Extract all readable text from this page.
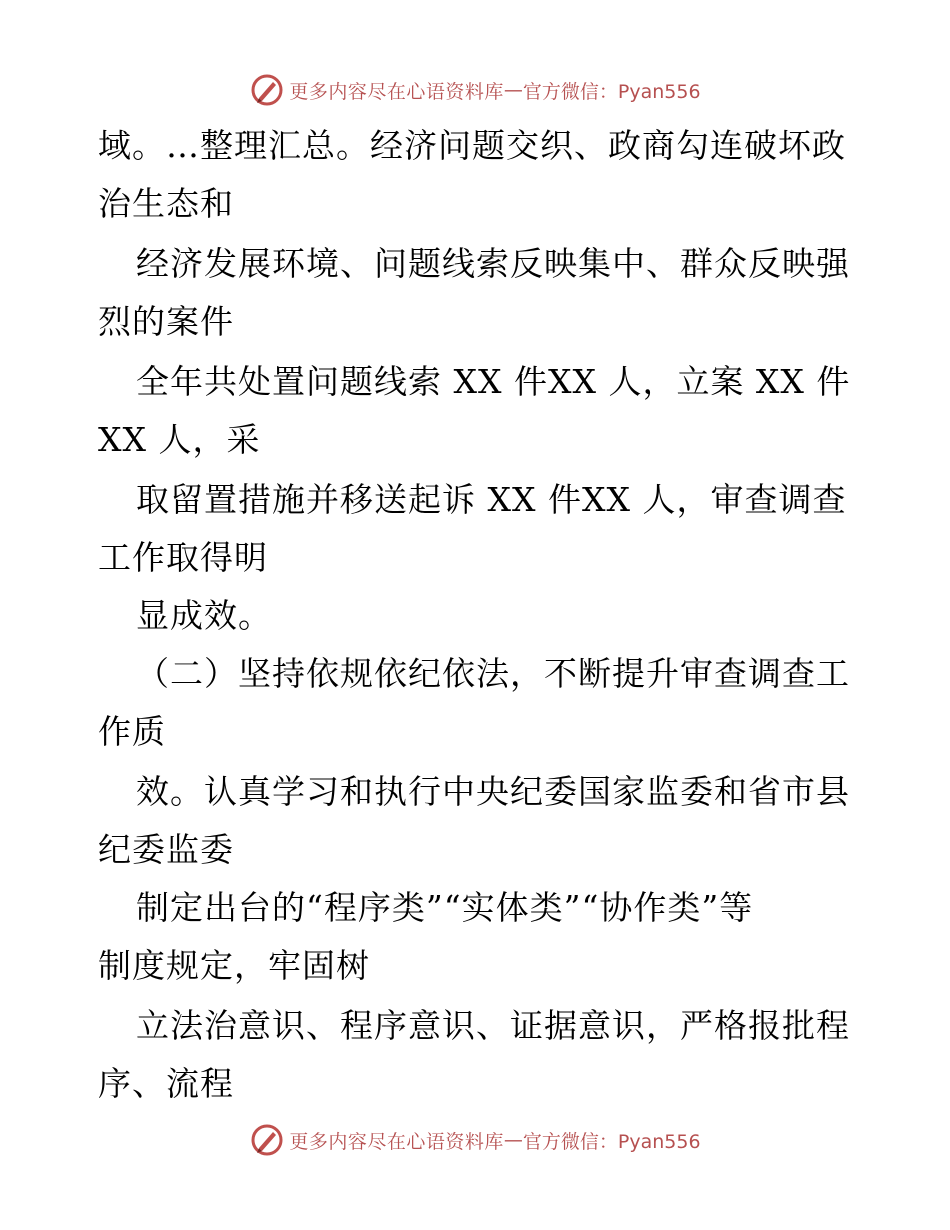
更多内容尽在心语资料库 — 官方微信：Pyan556
域。…整理汇总。经济问题交织、政商勾连破坏政
治生态和
经济发展环境、问题线索反映集中、群众反映强
烈的案件
全年共处置问题线索 XX 件XX 人，立案 XX 件
XX 人，采
取留置措施并移送起诉 XX 件XX 人，审查调查
工作取得明
显成效。
（二）坚持依规依纪依法，不断提升审查调查工
作质
效。认真学习和执行中央纪委国家监委和省市县
纪委监委
制定出台的“程序类”“实体类”“协作类”等
制度规定，牢固树
立法治意识、程序意识、证据意识，严格报批程
序、流程
更多内容尽在心语资料库 — 官方微信：Pyan556
